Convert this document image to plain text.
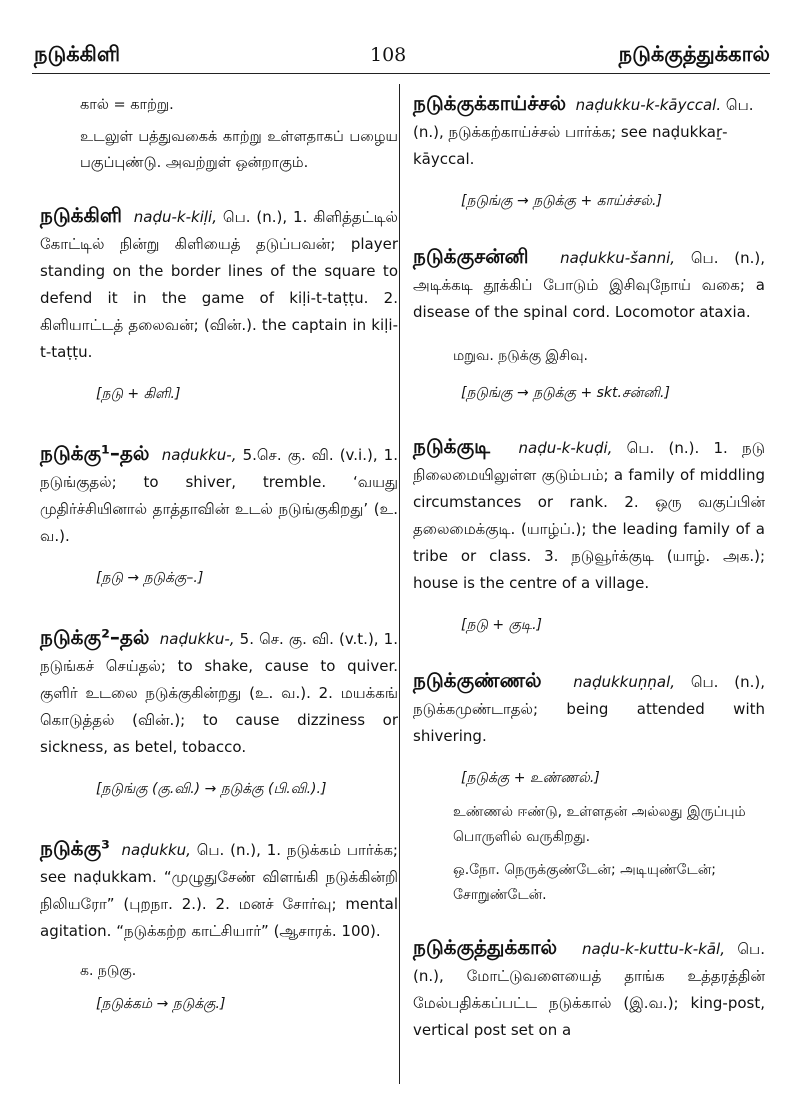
நடுக்கிளி	108	நடுக்குத்துக்கால்

கால் = காற்று.

உடலுள் பத்துவகைக் காற்று உள்ளதாகப் பழைய பகுப்புண்டு. அவற்றுள் ஒன்றாகும்.

நடுக்கிளி naḍu-k-kiḷi, பெ. (n.), 1. கிளித்தட்டில் கோட்டில் நின்று கிளியைத் தடுப்பவன்; player standing on the border lines of the square to defend it in the game of kiḷi-t-taṭṭu. 2. கிளியாட்டத் தலைவன்; (வின்.). the captain in kiḷi-t-taṭṭu.

[நடு + கிளி.]

நடுக்கு¹–தல் naḍukku-, 5.செ. கு. வி. (v.i.), 1. நடுங்குதல்; to shiver, tremble. ‘வயது முதிர்ச்சியினால் தாத்தாவின் உடல் நடுங்குகிறது’ (உ. வ.).

[நடு → நடுக்கு–.]

நடுக்கு²–தல் naḍukku-, 5. செ. கு. வி. (v.t.), 1. நடுங்கச் செய்தல்; to shake, cause to quiver. குளிர் உடலை நடுக்குகின்றது (உ. வ.). 2. மயக்கங் கொடுத்தல் (வின்.); to cause dizziness or sickness, as betel, tobacco.

[நடுங்கு (கு.வி.) → நடுக்கு (பி.வி.).]

நடுக்கு³ naḍukku, பெ. (n.), 1. நடுக்கம் பார்க்க; see naḍukkam. “முழுதுசேண் விளங்கி நடுக்கின்றி நிலியரோ” (புறநா. 2.). 2. மனச் சோர்வு; mental agitation. “நடுக்கற்ற காட்சியார்” (ஆசாரக். 100).

க. நடுகு.

[நடுக்கம் → நடுக்கு.]

நடுக்குக்காய்ச்சல் naḍukku-k-kāyccal. பெ. (n.), நடுக்கற்காய்ச்சல் பார்க்க; see naḍukkaṟ-kāyccal.

[நடுங்கு → நடுக்கு + காய்ச்சல்.]

நடுக்குசன்னி naḍukku-šanni, பெ. (n.), அடிக்கடி தூக்கிப் போடும் இசிவுநோய் வகை; a disease of the spinal cord. Locomotor ataxia.

மறுவ. நடுக்கு இசிவு.

[நடுங்கு → நடுக்கு + skt.சன்னி.]

நடுக்குடி naḍu-k-kuḍi, பெ. (n.). 1. நடு நிலைமையிலுள்ள குடும்பம்; a family of middling circumstances or rank. 2. ஒரு வகுப்பின் தலைமைக்குடி. (யாழ்ப்.); the leading family of a tribe or class. 3. நடுவூர்க்குடி (யாழ். அக.); house is the centre of a village.

[நடு + குடி.]

நடுக்குண்ணல் naḍukkuṇṇal, பெ. (n.), நடுக்கமுண்டாதல்; being attended with shivering.

[நடுக்கு + உண்ணல்.]

உண்ணல் ஈண்டு, உள்ளதன் அல்லது இருப்பும் பொருளில் வருகிறது.

ஒ.நோ. நெருக்குண்டேன்; அடியுண்டேன்; சோறுண்டேன்.

நடுக்குத்துக்கால் naḍu-k-kuttu-k-kāl, பெ. (n.), மோட்டுவளையைத் தாங்க உத்தரத்தின் மேல்பதிக்கப்பட்ட நடுக்கால் (இ.வ.); king-post, vertical post set on a
